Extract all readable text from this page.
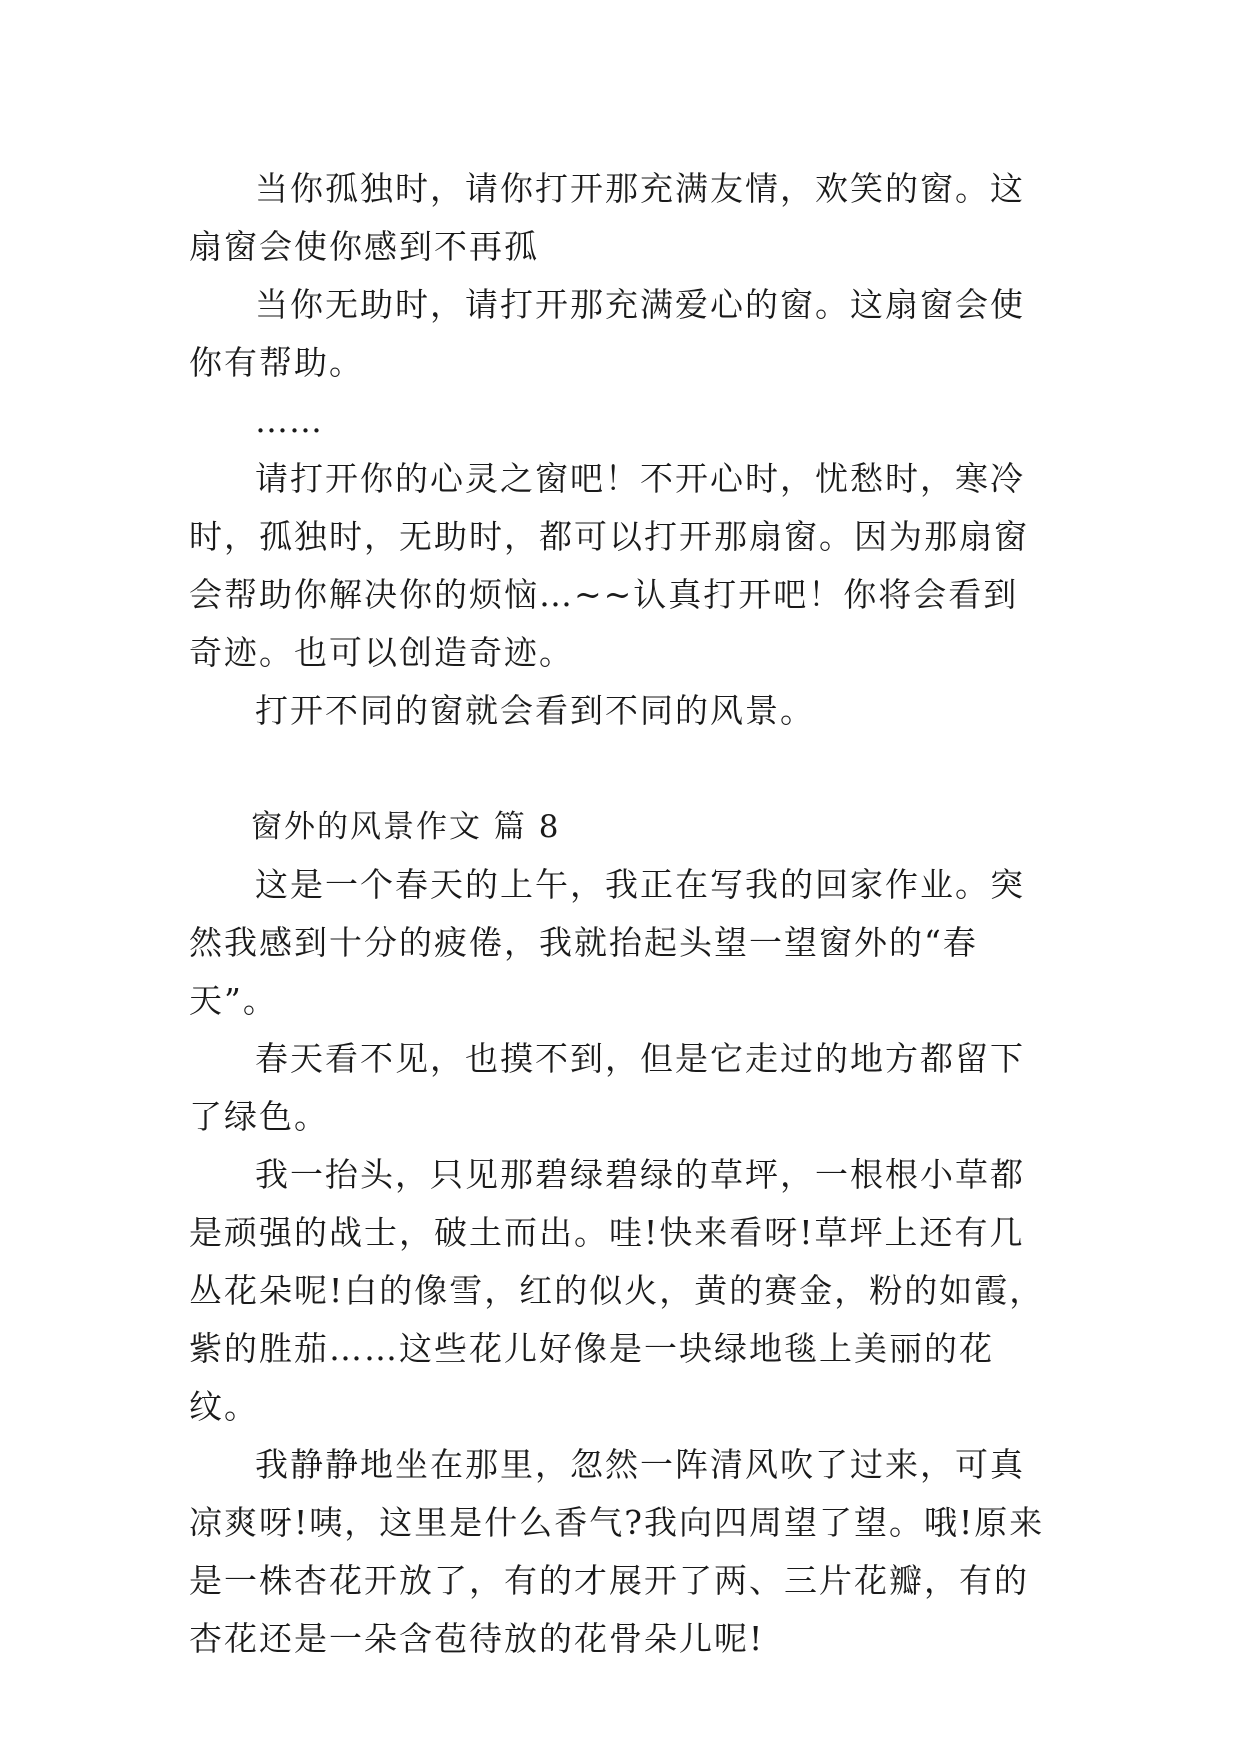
当你孤独时，请你打开那充满友情，欢笑的窗。这扇窗会使你感到不再孤

当你无助时，请打开那充满爱心的窗。这扇窗会使你有帮助。

……

请打开你的心灵之窗吧！不开心时，忧愁时，寒冷时，孤独时，无助时，都可以打开那扇窗。因为那扇窗会帮助你解决你的烦恼…~~认真打开吧！你将会看到奇迹。也可以创造奇迹。

打开不同的窗就会看到不同的风景。

窗外的风景作文 篇 8

这是一个春天的上午，我正在写我的回家作业。突然我感到十分的疲倦，我就抬起头望一望窗外的“春天”。

春天看不见，也摸不到，但是它走过的地方都留下了绿色。

我一抬头，只见那碧绿碧绿的草坪，一根根小草都是顽强的战士，破土而出。哇!快来看呀!草坪上还有几丛花朵呢!白的像雪，红的似火，黄的赛金，粉的如霞，紫的胜茄……这些花儿好像是一块绿地毯上美丽的花纹。

我静静地坐在那里，忽然一阵清风吹了过来，可真凉爽呀!咦，这里是什么香气?我向四周望了望。哦!原来是一株杏花开放了，有的才展开了两、三片花瓣，有的杏花还是一朵含苞待放的花骨朵儿呢!
